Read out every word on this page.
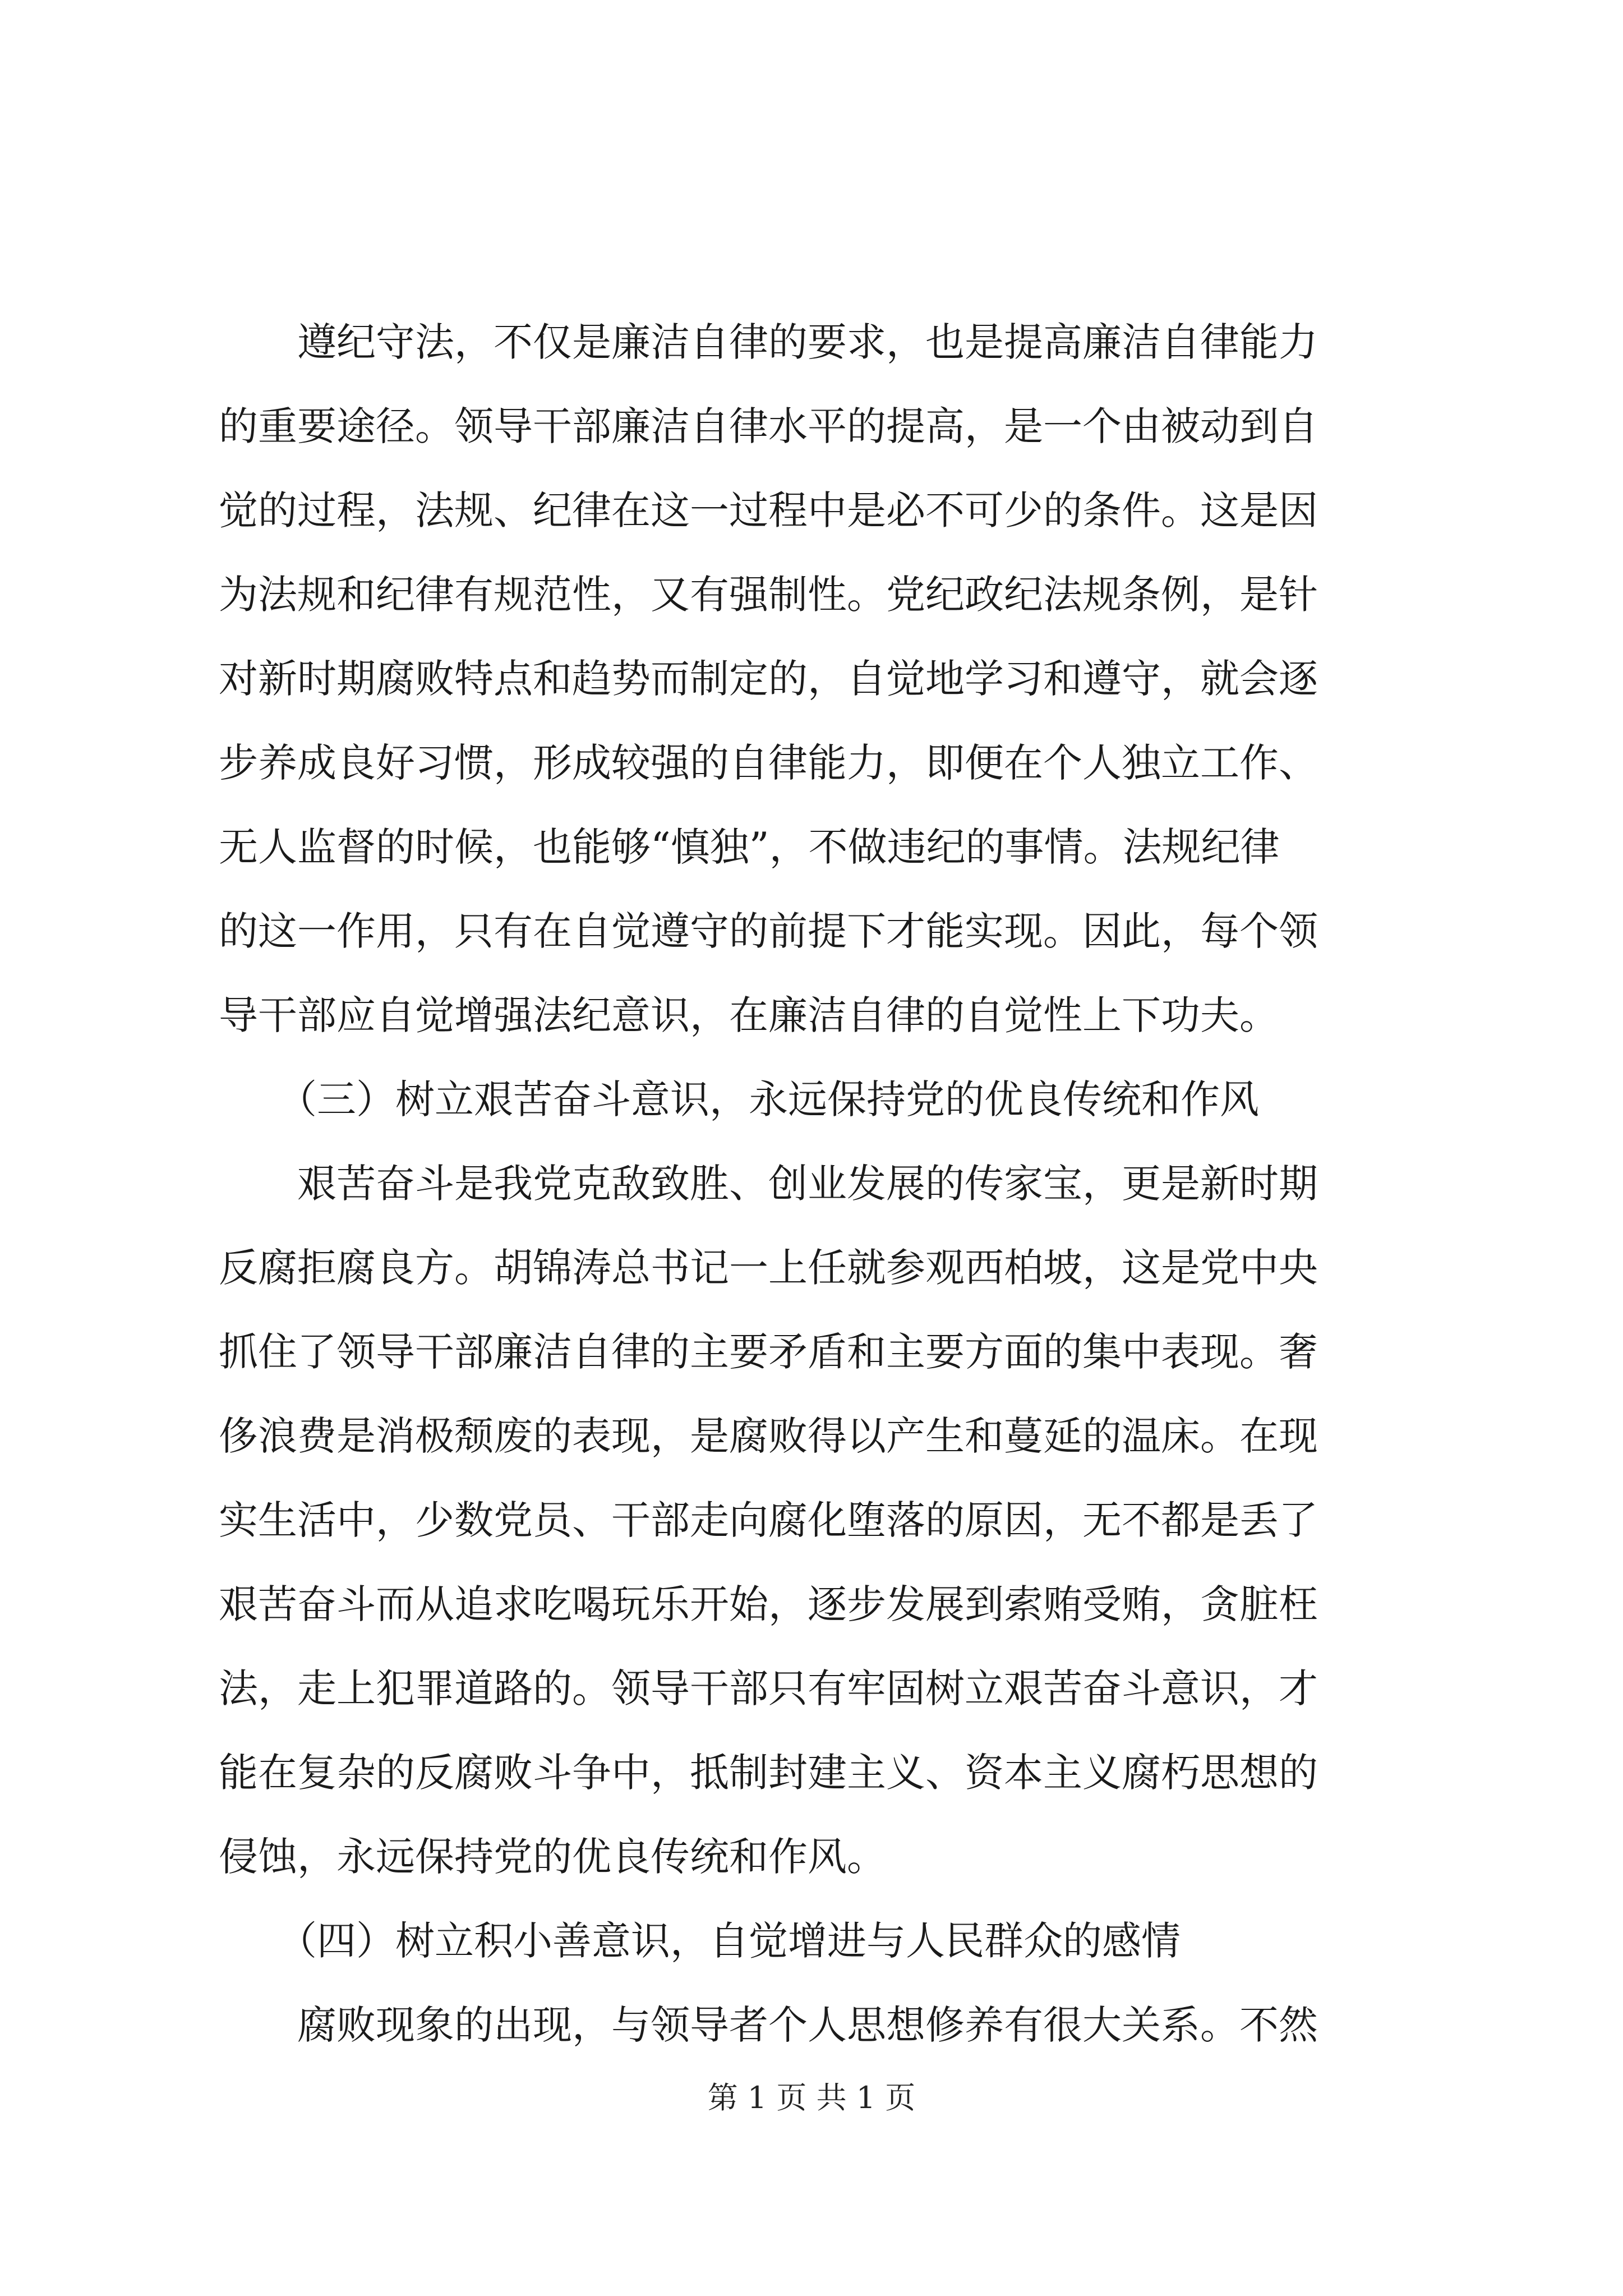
　　遵纪守法，不仅是廉洁自律的要求，也是提高廉洁自律能力
的重要途径。领导干部廉洁自律水平的提高，是一个由被动到自
觉的过程，法规、纪律在这一过程中是必不可少的条件。这是因
为法规和纪律有规范性，又有强制性。党纪政纪法规条例，是针
对新时期腐败特点和趋势而制定的，自觉地学习和遵守，就会逐
步养成良好习惯，形成较强的自律能力，即便在个人独立工作、
无人监督的时候，也能够“慎独”，不做违纪的事情。法规纪律
的这一作用，只有在自觉遵守的前提下才能实现。因此，每个领
导干部应自觉增强法纪意识，在廉洁自律的自觉性上下功夫。
　　（三）树立艰苦奋斗意识，永远保持党的优良传统和作风
　　艰苦奋斗是我党克敌致胜、创业发展的传家宝，更是新时期
反腐拒腐良方。胡锦涛总书记一上任就参观西柏坡，这是党中央
抓住了领导干部廉洁自律的主要矛盾和主要方面的集中表现。奢
侈浪费是消极颓废的表现，是腐败得以产生和蔓延的温床。在现
实生活中，少数党员、干部走向腐化堕落的原因，无不都是丢了
艰苦奋斗而从追求吃喝玩乐开始，逐步发展到索贿受贿，贪脏枉
法，走上犯罪道路的。领导干部只有牢固树立艰苦奋斗意识，才
能在复杂的反腐败斗争中，抵制封建主义、资本主义腐朽思想的
侵蚀，永远保持党的优良传统和作风。
　　（四）树立积小善意识，自觉增进与人民群众的感情
　　腐败现象的出现，与领导者个人思想修养有很大关系。不然
第 1 页 共 1 页
